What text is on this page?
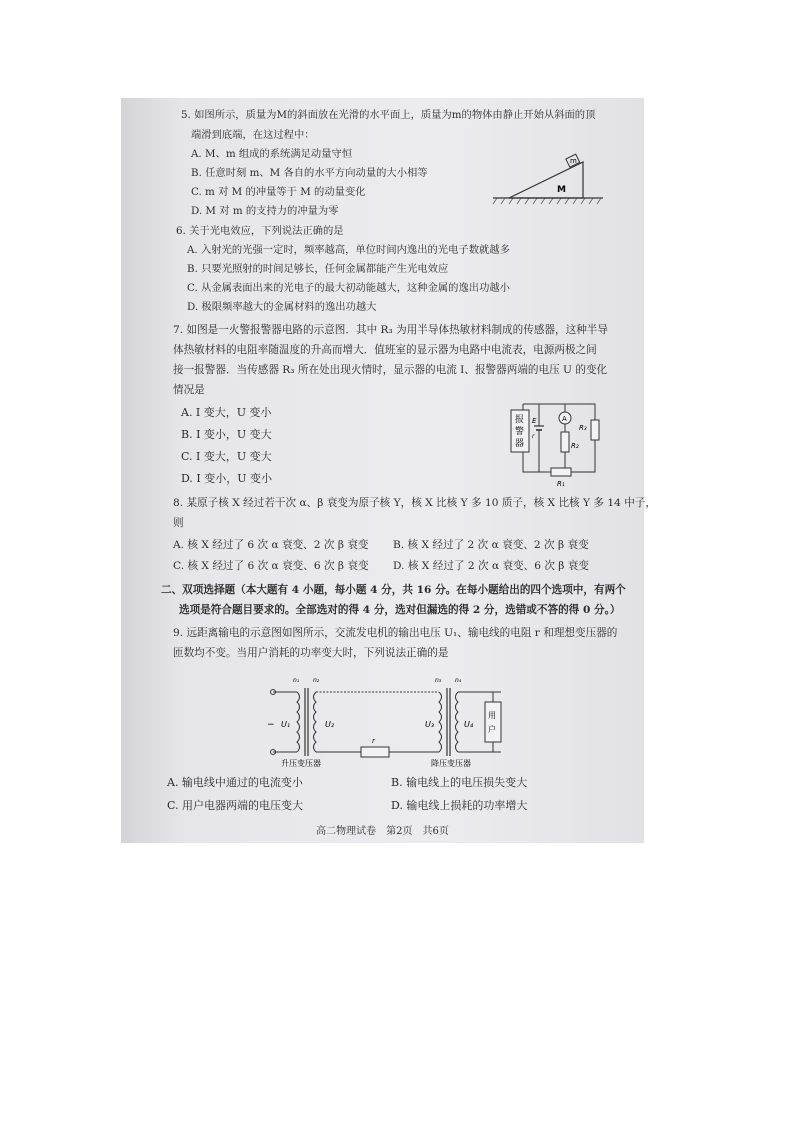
5. 如图所示，质量为M的斜面放在光滑的水平面上，质量为m的物体由静止开始从斜面的顶
端滑到底端，在这过程中：
A. M、m 组成的系统满足动量守恒
B. 任意时刻 m、M 各自的水平方向动量的大小相等
C. m 对 M 的冲量等于 M 的动量变化
D. M 对 m 的支持力的冲量为零
m
M
6. 关于光电效应，下列说法正确的是
A. 入射光的光强一定时，频率越高，单位时间内逸出的光电子数就越多
B. 只要光照射的时间足够长，任何金属都能产生光电效应
C. 从金属表面出来的光电子的最大初动能越大，这种金属的逸出功越小
D. 极限频率越大的金属材料的逸出功越大
7. 如图是一火警报警器电路的示意图．其中 R₃ 为用半导体热敏材料制成的传感器，这种半导
体热敏材料的电阻率随温度的升高而增大．值班室的显示器为电路中电流表，电源两极之间
接一报警器．当传感器 R₃ 所在处出现火情时，显示器的电流 I、报警器两端的电压 U 的变化
情况是
A. I 变大，U 变小
B. I 变小，U 变大
C. I 变大，U 变大
D. I 变小，U 变小
报
警
器
E
r
A
R₂
R₃
R₁
8. 某原子核 X 经过若干次 α、β 衰变为原子核 Y，核 X 比核 Y 多 10 质子，核 X 比核 Y 多 14 中子，
则
A. 核 X 经过了 6 次 α 衰变、2 次 β 衰变 B. 核 X 经过了 2 次 α 衰变、2 次 β 衰变
C. 核 X 经过了 6 次 α 衰变、6 次 β 衰变 D. 核 X 经过了 2 次 α 衰变、6 次 β 衰变
二、双项选择题（本大题有 4 小题，每小题 4 分，共 16 分。在每小题给出的四个选项中，有两个
选项是符合题目要求的。全部选对的得 4 分，选对但漏选的得 2 分，选错或不答的得 0 分。）
9. 远距离输电的示意图如图所示，交流发电机的输出电压 U₁、输电线的电阻 r 和理想变压器的
匝数均不变。当用户消耗的功率变大时，下列说法正确的是
− U₁
n₁ n₂
U₂
r
U₃
n₃ n₄
U₄
用
户
升压变压器	降压变压器
A. 输电线中通过的电流变小	B. 输电线上的电压损失变大
C. 用户电器两端的电压变大	D. 输电线上损耗的功率增大
高二物理试卷　第2页　共6页
